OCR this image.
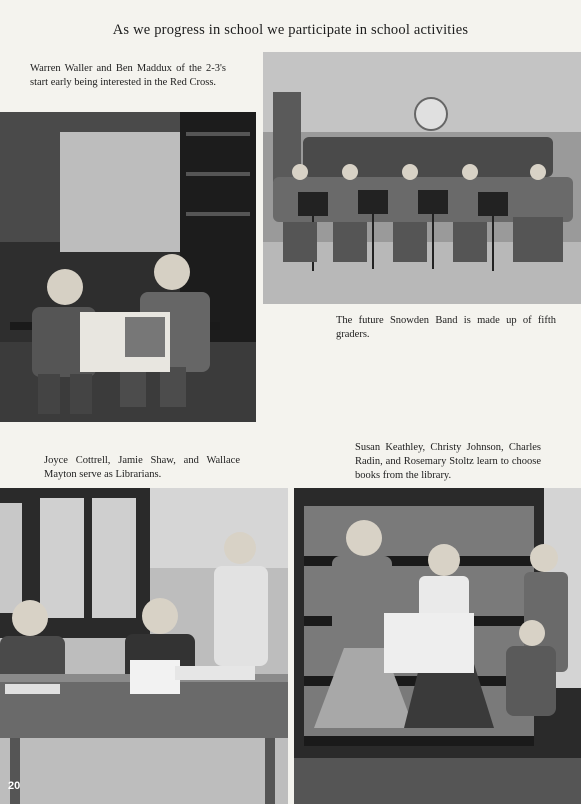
As we progress in school we participate in school activities
Warren Waller and Ben Maddux of the 2-3's start early being interested in the Red Cross.
The future Snowden Band is made up of fifth graders.
Joyce Cottrell, Jamie Shaw, and Wallace Mayton serve as Librarians.
Susan Keathley, Christy Johnson, Charles Radin, and Rosemary Stoltz learn to choose books from the library.
20
